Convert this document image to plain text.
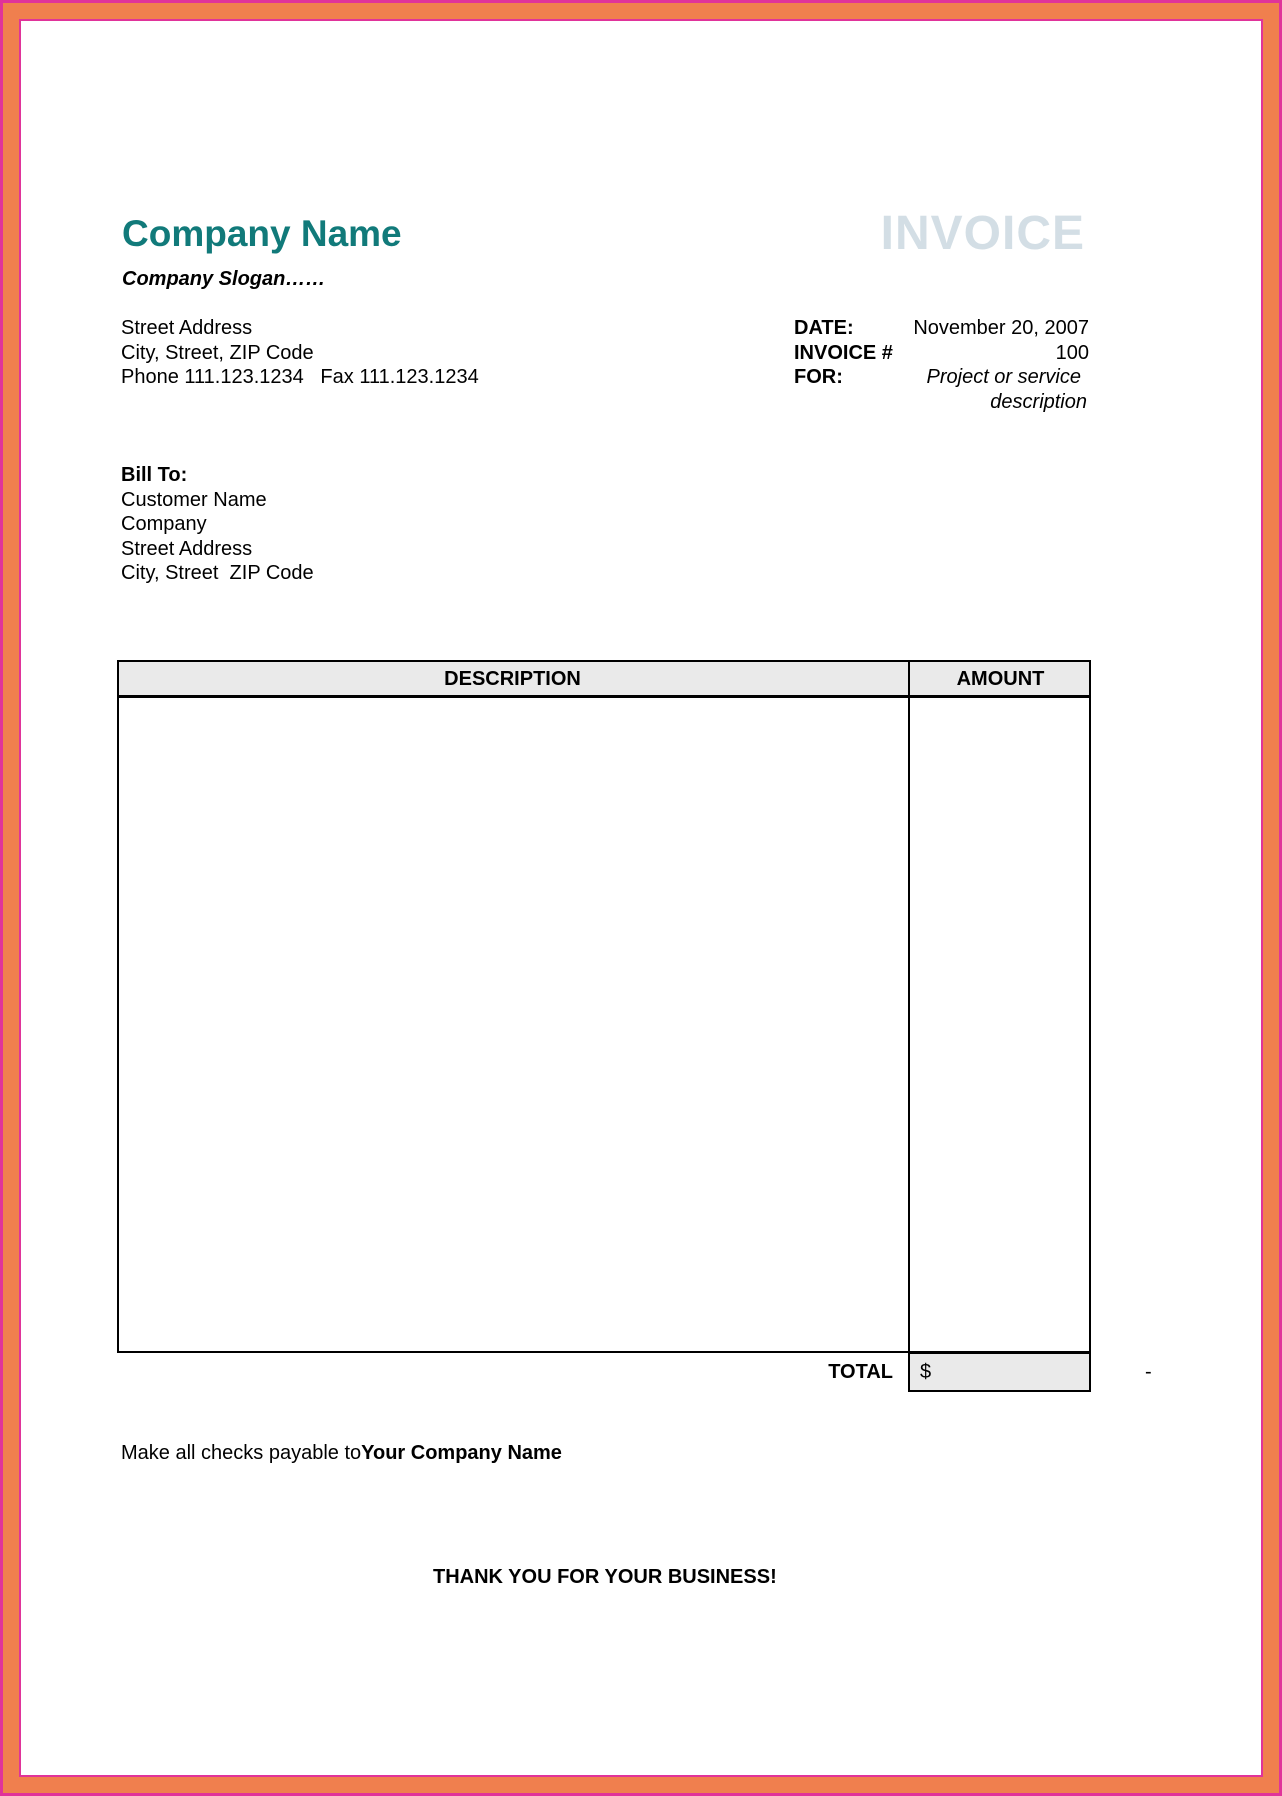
Company Name
Company Slogan……
INVOICE
Street Address
City, Street, ZIP Code
Phone 111.123.1234   Fax 111.123.1234
DATE:	November 20, 2007
INVOICE #	100
FOR:	Project or service
description
Bill To:
Customer Name
Company
Street Address
City, Street  ZIP Code
DESCRIPTION	AMOUNT
TOTAL $	-
Make all checks payable toYour Company Name
THANK YOU FOR YOUR BUSINESS!
